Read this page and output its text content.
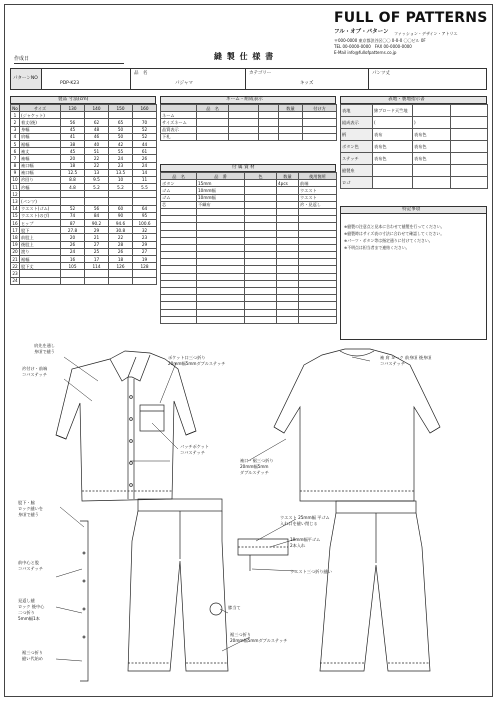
作成日	縫 製 仕 様 書
FULL OF PATTERNS
フル・オブ・パターン ファッション・デザイン・アトリエ
〒000-0000 東京都渋谷区〇〇 0-0-0 〇〇ビル 0F
TEL 00-0000-0000　FAX 00-0000-0000
E-Mail info@fullofpatterns.co.jp
パターンNO
PDP-K23
品　名
パジャマ
カテゴリー
キッズ
パンツ丈
製品 寸法(cm)
No	サイズ	130	140	150	160
1	(ジャケット)				
2	着丈(後)	56	62	65	70
3	身幅	45	48	50	52
4	肩幅	41	46	50	52
5	裾幅	38	40	42	44
6	袖丈	45	51	55	61
7	袖幅	20	22	24	26
8	袖口幅	18	22	23	24
9	袖口幅	12.5	13	13.5	14
10	衿回り	8.8	9.5	10	11
11	衿幅	4.8	5.2	5.2	5.5
12					
13	(パンツ)				
14	ウエスト(ゴム)	52	56	60	64
15	ウエスト(のび)	74	84	90	95
16	ヒップ	87	90.2	94.6	100.6
17	股下	27.8	29	30.8	32
18	前股上	20	21	22	23
19	後股上	26	27	28	29
20	渡り	24	25	26	27
21	裾幅	16	17	18	19
22	股下丈	105	114	126	128
23					
24					
ネーム・組成表示
	品　名			数量	付け方
ネーム					
サイズネーム					
品質表示					
下札					
付 属 資 材
品　名	品　番	色	数量	使用箇所
ボタン	15mm		4pcs	前端
ゴム	10mm幅			ウエスト
ゴム	10mm幅			ウエスト
芯	不織布			衿・見返し

表地・裏地指示書
表地	綿ブロード天竺地		
組成表示	(	)	
柄	表布	表布色	
ボタン色	表布色	表布色	
ステッチ	表布色	表布色	
縫製糸			
ロゴ			
特記事項
※縫製の注意点と見本に合わせて縫製を行ってください。
※縫製時はサイズ表の寸法に合わせて確認してください。
※パーツ・ボタン等は指定通りに付けてください。
※不明点は担当者まで連絡ください。
肩先を通し
身頃で縫う
衿付け・前端
コバステッチ
ポケット口三つ折り
20mm幅5mmダブルステッチ
パッチポケット
コバステッチ
袖 肩 ヨーク 前身頃 後身頃
コバステッチ
袖口・裾三つ折り
20mm幅5mm
ダブルステッチ
ウエスト 25mm幅 平ゴム
入れ口を縫い閉じる
10mm幅平ゴム
2本入れ
ウエスト三つ折り縫い
前中心と股
コバステッチ
股下・脇
ロック縫いを
身頃で縫う
見返し縫
ロック 後中心
二つ折り
5mm幅1本
裾三つ折り
縫い代始め
膝当て
裾三つ折り
20mm幅5mmダブルステッチ
